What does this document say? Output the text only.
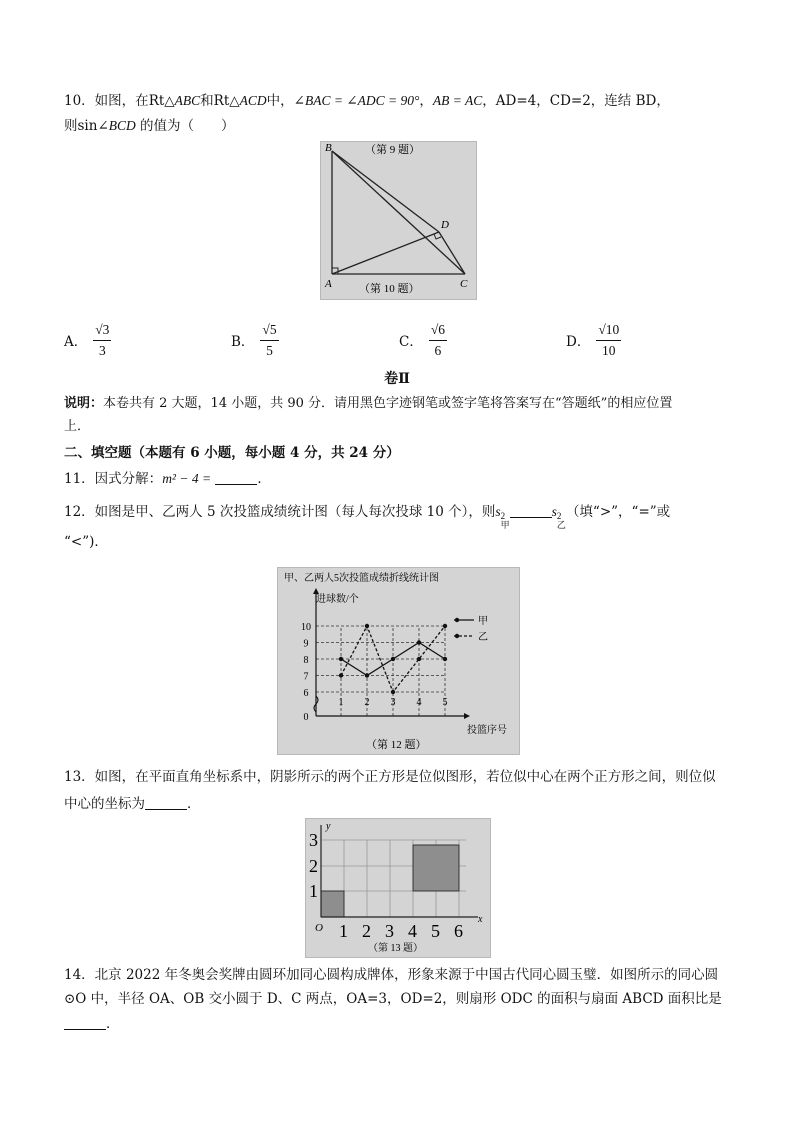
10．如图，在Rt△ABC和Rt△ACD中，∠BAC = ∠ADC = 90°，AB = AC，AD=4，CD=2，连结 BD，
则sin∠BCD 的值为（　　）
（第 9 题）
（第 10 题）
B
A	C
D
A． $\frac{√3}{3}$	B． $\frac{√5}{5}$	C． $\frac{√6}{6}$	D． $\frac{√10}{10}$
卷Ⅱ
说明：本卷共有 2 大题，14 小题，共 90 分．请用黑色字迹钢笔或签字笔将答案写在“答题纸”的相应位置
上．
二、填空题（本题有 6 小题，每小题 4 分，共 24 分）
11．因式分解：m² − 4 =	．
12．如图是甲、乙两人 5 次投篮成绩统计图（每人每次投球 10 个），则s 2
甲
s 2
乙
（填“>”，“=”或
“<”)．
甲、乙两人5次投篮成绩折线统计图
进球数/个
投篮序号
（第 12 题）
0
6
7
8
9
10
1 2 3 4 5
甲
乙
13．如图，在平面直角坐标系中，阴影所示的两个正方形是位似图形，若位似中心在两个正方形之间，则位似
中心的坐标为	．
y
x
O 1 2 3 4 5 6
1
2
3
（第 13 题）
14．北京 2022 年冬奥会奖牌由圆环加同心圆构成牌体，形象来源于中国古代同心圆玉璧．如图所示的同心圆
⊙O 中，半径 OA、OB 交小圆于 D、C 两点，OA=3，OD=2，则扇形 ODC 的面积与扇面 ABCD 面积比是
．
